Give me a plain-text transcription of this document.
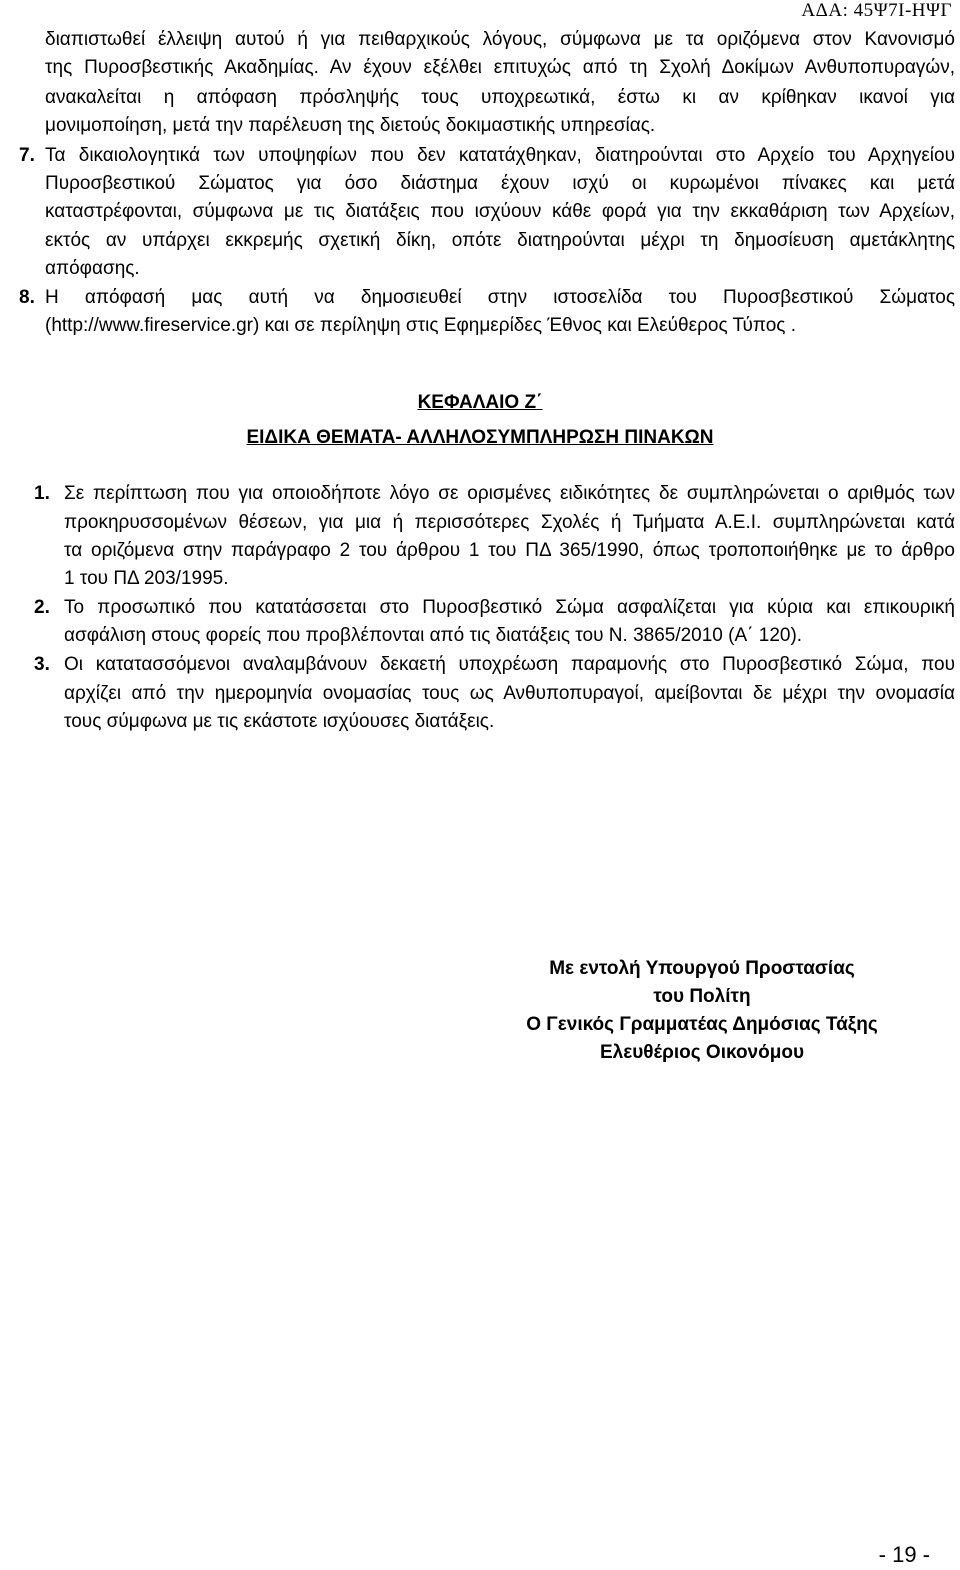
ΑΔΑ: 45Ψ7Ι-ΗΨΓ
διαπιστωθεί έλλειψη αυτού ή για πειθαρχικούς λόγους, σύμφωνα με τα οριζόμενα στον Κανονισμό
της Πυροσβεστικής Ακαδημίας. Αν έχουν εξέλθει επιτυχώς από τη Σχολή Δοκίμων Ανθυποπυραγών,
ανακαλείται η απόφαση πρόσληψής τους υποχρεωτικά, έστω κι αν κρίθηκαν ικανοί για
μονιμοποίηση, μετά την παρέλευση της διετούς δοκιμαστικής υπηρεσίας.
7. Τα δικαιολογητικά των υποψηφίων που δεν κατατάχθηκαν, διατηρούνται στο Αρχείο του Αρχηγείου
Πυροσβεστικού Σώματος για όσο διάστημα έχουν ισχύ οι κυρωμένοι πίνακες και μετά
καταστρέφονται, σύμφωνα με τις διατάξεις που ισχύουν κάθε φορά για την εκκαθάριση των Αρχείων,
εκτός αν υπάρχει εκκρεμής σχετική δίκη, οπότε διατηρούνται μέχρι τη δημοσίευση αμετάκλητης
απόφασης.
8. Η απόφασή μας αυτή να δημοσιευθεί στην ιστοσελίδα του Πυροσβεστικού Σώματος
(http://www.fireservice.gr) και σε περίληψη στις Εφημερίδες Έθνος και Ελεύθερος Τύπος .
ΚΕΦΑΛΑΙΟ Ζ΄
ΕΙΔΙΚΑ ΘΕΜΑΤΑ- ΑΛΛΗΛΟΣΥΜΠΛΗΡΩΣΗ ΠΙΝΑΚΩΝ
1. Σε περίπτωση που για οποιοδήποτε λόγο σε ορισμένες ειδικότητες δε συμπληρώνεται ο αριθμός των
προκηρυσσομένων θέσεων, για μια ή περισσότερες Σχολές ή Τμήματα Α.Ε.Ι. συμπληρώνεται κατά
τα οριζόμενα στην παράγραφο 2 του άρθρου 1 του ΠΔ 365/1990, όπως τροποποιήθηκε με το άρθρο
1 του ΠΔ 203/1995.
2. Το προσωπικό που κατατάσσεται στο Πυροσβεστικό Σώμα ασφαλίζεται για κύρια και επικουρική
ασφάλιση στους φορείς που προβλέπονται από τις διατάξεις του Ν. 3865/2010 (Α΄ 120).
3. Οι κατατασσόμενοι αναλαμβάνουν δεκαετή υποχρέωση παραμονής στο Πυροσβεστικό Σώμα, που
αρχίζει από την ημερομηνία ονομασίας τους ως Ανθυποπυραγοί, αμείβονται δε μέχρι την ονομασία
τους σύμφωνα με τις εκάστοτε ισχύουσες διατάξεις.
Με εντολή Υπουργού Προστασίας
του Πολίτη
Ο Γενικός Γραμματέας Δημόσιας Τάξης
Ελευθέριος Οικονόμου
- 19 -
